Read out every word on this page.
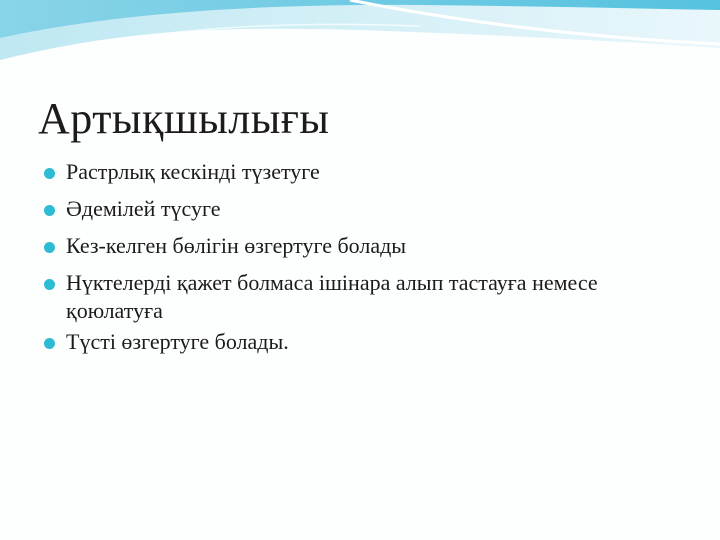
Артықшылығы
Растрлық кескінді түзетуге
Әдемілей түсуге
Кез-келген бөлігін өзгертуге болады
Нүктелерді қажет болмаса ішінара алып тастауға немесе қоюлатуға
Түсті өзгертуге болады.
